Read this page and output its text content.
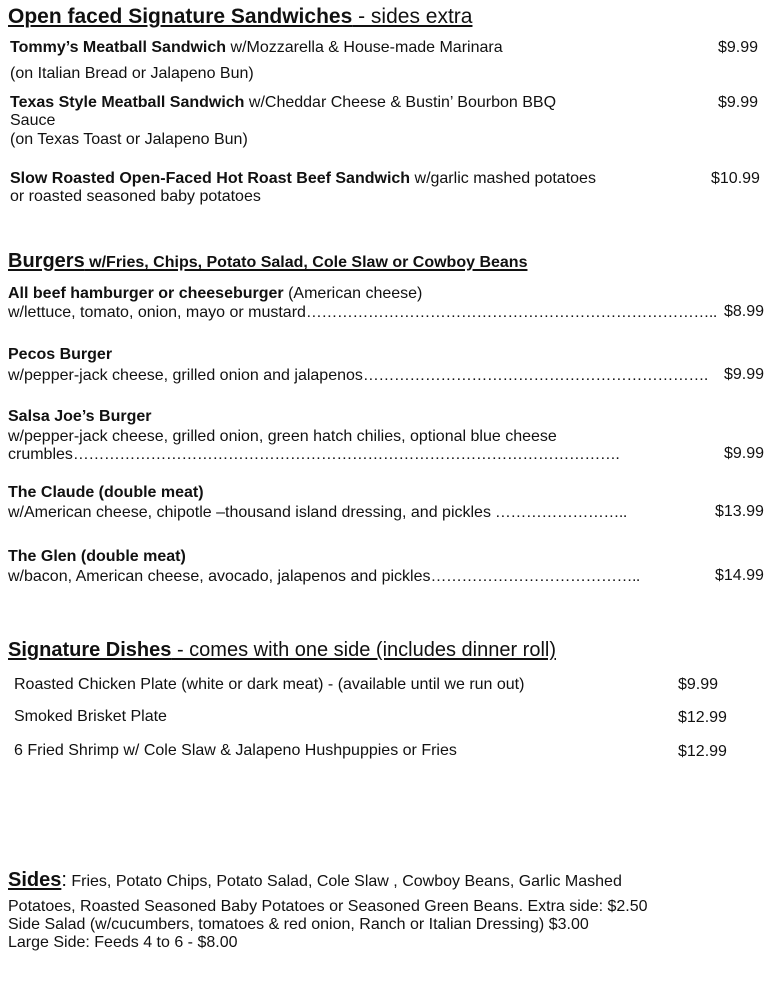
Open faced Signature Sandwiches - sides extra
Tommy’s Meatball Sandwich w/Mozzarella & House-made Marinara
(on Italian Bread or Jalapeno Bun)
$9.99
Texas Style Meatball Sandwich w/Cheddar Cheese & Bustin’ Bourbon BBQ
Sauce
(on Texas Toast or Jalapeno Bun)
$9.99
Slow Roasted Open-Faced Hot Roast Beef Sandwich w/garlic mashed potatoes
or roasted seasoned baby potatoes
$10.99
Burgers w/Fries, Chips, Potato Salad, Cole Slaw or Cowboy Beans
All beef hamburger or cheeseburger (American cheese)
w/lettuce, tomato, onion, mayo or mustard…………………………………………………………………….. $8.99
Pecos Burger
w/pepper-jack cheese, grilled onion and jalapenos…………………………………………………………. $9.99
Salsa Joe’s Burger
w/pepper-jack cheese, grilled onion, green hatch chilies, optional blue cheese
crumbles…………………………………………………………………………………………….	$9.99
The Claude (double meat)
w/American cheese, chipotle –thousand island dressing, and pickles ……………………..	$13.99
The Glen (double meat)
w/bacon, American cheese, avocado, jalapenos and pickles…………………………………..	$14.99
Signature Dishes - comes with one side (includes dinner roll)
Roasted Chicken Plate (white or dark meat) - (available until we run out)	$9.99
Smoked Brisket Plate	$12.99
6 Fried Shrimp w/ Cole Slaw & Jalapeno Hushpuppies or Fries	$12.99
Sides: Fries, Potato Chips, Potato Salad, Cole Slaw , Cowboy Beans, Garlic Mashed
Potatoes, Roasted Seasoned Baby Potatoes or Seasoned Green Beans. Extra side: $2.50
Side Salad (w/cucumbers, tomatoes & red onion, Ranch or Italian Dressing) $3.00
Large Side: Feeds 4 to 6 - $8.00
